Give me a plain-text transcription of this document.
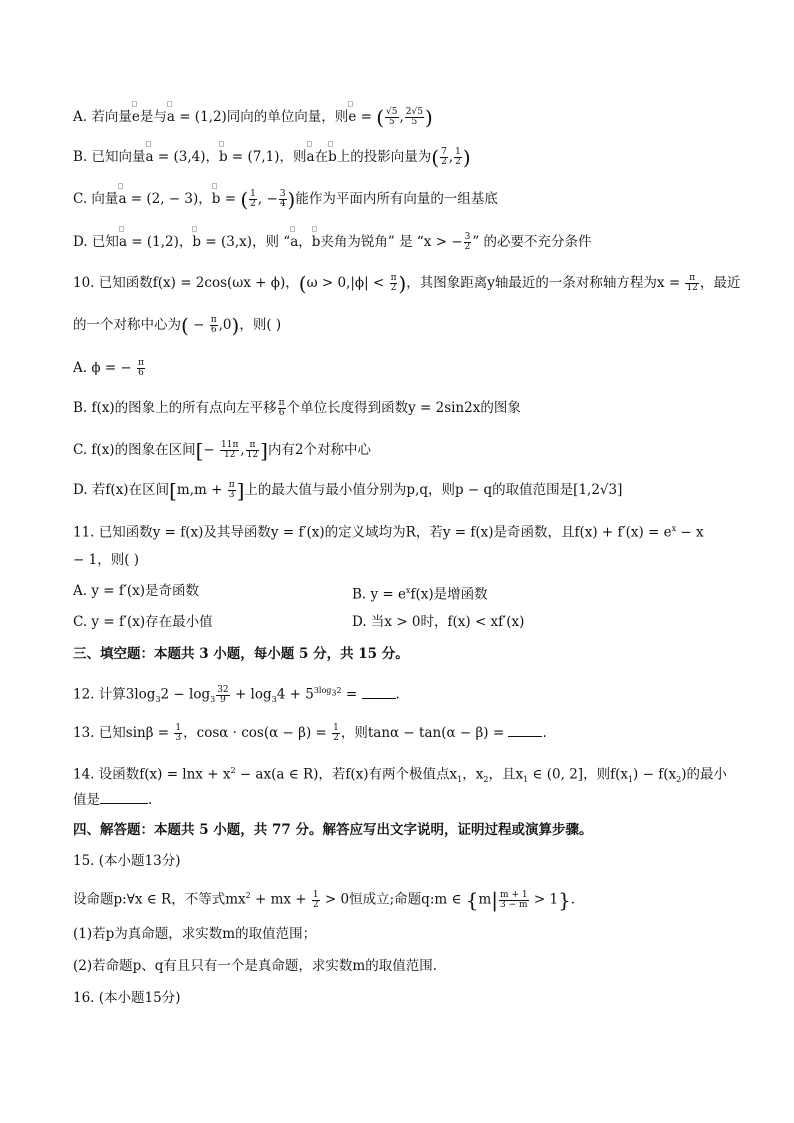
A. 若向量e是与a = (1,2)同向的单位向量，则e = ( $\frac{√5}{5}$ , $\frac{2√5}{5}$ )
B. 已知向量a = (3,4)，b = (7,1)，则a在b上的投影向量为( $\frac{7}{2}$ , $\frac{1}{2}$ )
C. 向量a = (2, − 3)，b = ( $\frac{1}{2}$ , − $\frac{3}{4}$ )能作为平面内所有向量的一组基底
D. 已知a = (1,2)，b = (3,x)，则 “a，b夹角为锐角” 是 “x > − $\frac{3}{2}$ ” 的必要不充分条件
10. 已知函数f(x) = 2cos(ωx + ϕ)，($\omega > 0,|\phi| < \frac{\pi}{2}$ )，其图象距离y轴最近的一条对称轴方程为$x = \frac{\pi}{12}$ ，最近
的一个对称中心为( − $\frac{\pi}{6} ,0$)，则( )
A. ϕ = − $\frac{\pi}{6}$
B. f(x)的图象上的所有点向左平移 $\frac{\pi}{6}$ 个单位长度得到函数y = 2sin2x的图象
C. f(x)的图象在区间[− $\frac{11\pi}{12}$ , $\frac{\pi}{12}$ ]内有2个对称中心
D. 若f(x)在区间[$m,m + \frac{\pi}{3}$ ]上的最大值与最小值分别为p,q，则p − q的取值范围是[1,2√3]
11. 已知函数y = f(x)及其导函数y = f′(x)的定义域均为R，若y = f(x)是奇函数，且$f(x) + f'(x) = e^x - x$
− 1，则( )
A. y = f′(x)是奇函数	B. $y = e^xf(x)$是增函数
C. y = f′(x)存在最小值	D. 当x > 0时，f(x) < xf′(x)
三、填空题：本题共 3 小题，每小题 5 分，共 15 分。
12. 计算$3\log_32 - \log_3 \frac{32}{9} + \log_34 + 5^{3log_32}$ =	.
13. 已知$\sin\beta = \frac{1}{3}$ ，$\cos\alpha \cdot \cos(\alpha - \beta) = \frac{1}{2}$ ，则tanα − tan(α − β) =	.
14. 设函数$f(x) = \ln x + x^2 - ax(a$ ∈ R)，若f(x)有两个极值点$x_1$，$x_2$，且$x_1$ ∈ (0, 2]，则$f(x_1) - f(x_2)$的最小
值是	.
四、解答题：本题共 5 小题，共 77 分。解答应写出文字说明，证明过程或演算步骤。
15. (本小题13分)
设命题p:∀x ∈ R，不等式$mx^2$ + mx + $\frac{1}{2} > 0$恒成立;命题q:m ∈ $\{m| \frac{m + 1}{3 - m} > 1\}$.
(1)若p为真命题，求实数m的取值范围；
(2)若命题p、q有且只有一个是真命题，求实数m的取值范围.
16. (本小题15分)
